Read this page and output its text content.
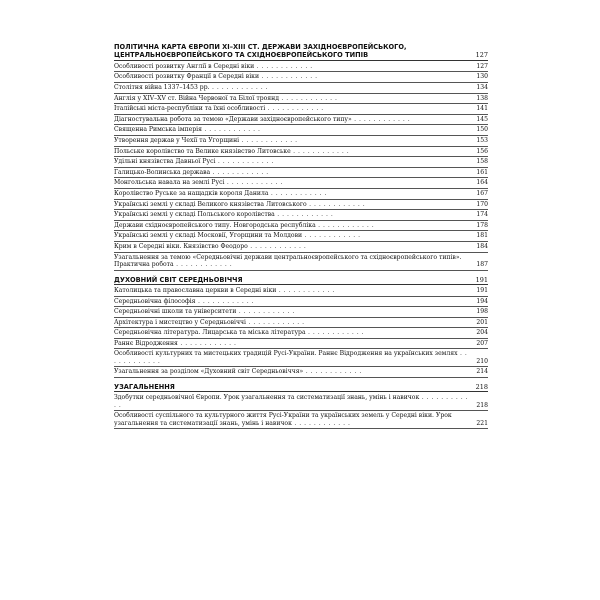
ПОЛІТИЧНА КАРТА ЄВРОПИ XI–XIII СТ. ДЕРЖАВИ ЗАХІДНОЄВРОПЕЙСЬКОГО, ЦЕНТРАЛЬНОЄВРОПЕЙСЬКОГО ТА СХІДНОЄВРОПЕЙСЬКОГО ТИПІВ	127
Особливості розвитку Англії в Середні віки . . . . . . . . . . . .	127
Особливості розвитку Франції в Середні віки . . . . . . . . . . . .	130
Столітня війна 1337–1453 рр. . . . . . . . . . . . .	134
Англія у XIV–XV ст. Війна Червоної та Білої троянд . . . . . . . . . . . .	138
Італійські міста-республіки та їхні особливості . . . . . . . . . . . .	141
Діагностувальна робота за темою «Держави західноєвропейського типу» . . . . . . . . . . . .	145
Священна Римська імперія . . . . . . . . . . . .	150
Утворення держав у Чехії та Угорщині . . . . . . . . . . . .	153
Польське королівство та Велике князівство Литовське . . . . . . . . . . . .	156
Удільні князівства Давньої Русі . . . . . . . . . . . .	158
Галицько-Волинська держава . . . . . . . . . . . .	161
Монгольська навала на землі Русі . . . . . . . . . . . .	164
Королівство Руське за нащадків короля Данила . . . . . . . . . . . .	167
Українські землі у складі Великого князівства Литовського . . . . . . . . . . . .	170
Українські землі у складі Польського королівства . . . . . . . . . . . .	174
Держави східноєвропейського типу. Новгородська республіка . . . . . . . . . . . .	178
Українські землі у складі Московії, Угорщини та Молдови . . . . . . . . . . . .	181
Крим в Середні віки. Князівство Феодоро . . . . . . . . . . . .	184
Узагальнення за темою «Середньовічні держави центральноєвропейського та східноєвропейського типів». Практична робота . . . . . . . . . . . .	187
ДУХОВНИЙ СВІТ СЕРЕДНЬОВІЧЧЯ	191
Католицька та православна церкви в Середні віки . . . . . . . . . . . .	191
Середньовічна філософія . . . . . . . . . . . .	194
Середньовічні школи та університети . . . . . . . . . . . .	198
Архітектура і мистецтво у Середньовіччі . . . . . . . . . . . .	201
Середньовічна література. Лицарська та міська література . . . . . . . . . . . .	204
Раннє Відродження . . . . . . . . . . . .	207
Особливості культурних та мистецьких традицій Русі-України. Раннє Відродження на українських землях . . . . . . . . . . . .	210
Узагальнення за розділом «Духовний світ Середньовіччя» . . . . . . . . . . . .	214
УЗАГАЛЬНЕННЯ	218
Здобутки середньовічної Європи. Урок узагальнення та систематизації знань, умінь і навичок . . . . . . . . . . . .	218
Особливості суспільного та культурного життя Русі-України та українських земель у Середні віки. Урок узагальнення та систематизації знань, умінь і навичок . . . . . . . . . . . .	221
